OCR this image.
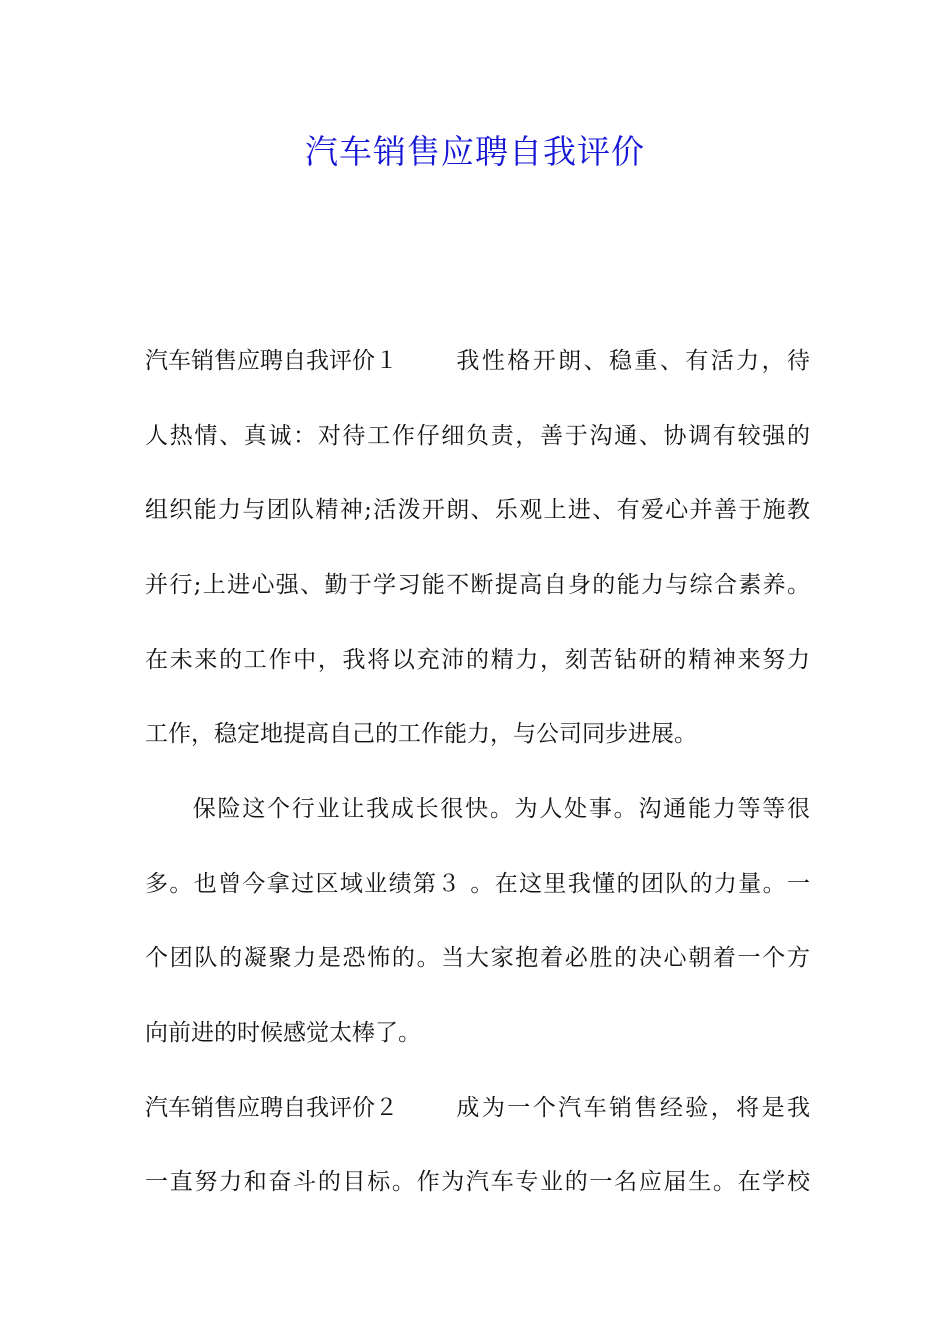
汽车销售应聘自我评价
汽车销售应聘自我评价１ 我性格开朗、稳重、有活力，待
人热情、真诚：对待工作仔细负责，善于沟通、协调有较强的
组织能力与团队精神;活泼开朗、乐观上进、有爱心并善于施教
并行;上进心强、勤于学习能不断提高自身的能力与综合素养。
在未来的工作中，我将以充沛的精力，刻苦钻研的精神来努力
工作，稳定地提高自己的工作能力，与公司同步进展。
保险这个行业让我成长很快。为人处事。沟通能力等等很
多。也曾今拿过区域业绩第３ 。在这里我懂的团队的力量。一
个团队的凝聚力是恐怖的。当大家抱着必胜的决心朝着一个方
向前进的时候感觉太棒了。
汽车销售应聘自我评价２ 成为一个汽车销售经验，将是我
一直努力和奋斗的目标。作为汽车专业的一名应届生。在学校
